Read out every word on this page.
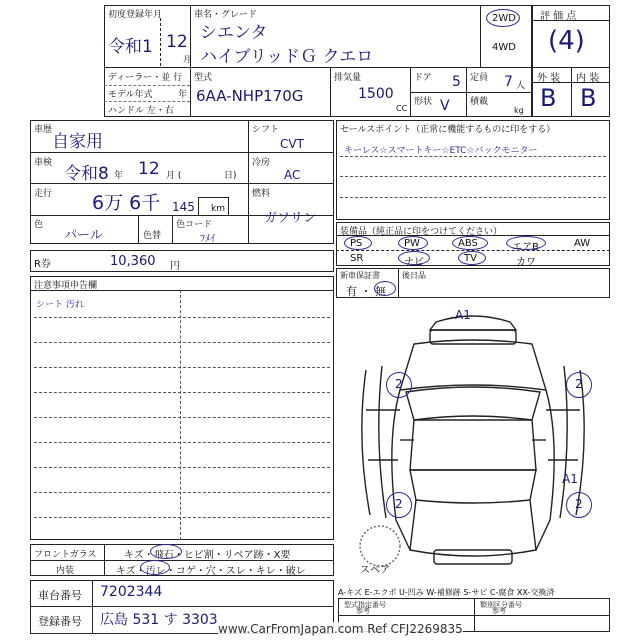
初度登録年月
令和1 12
月
車名・グレード
シエンタ
ハイブリッドＧ クエロ
2WD
4WD
ディーラー・並 行
モデル年式	年
ハンドル 左・右
型式
6AA-NHP170G
排気量
1500
CC
ドア 5
形状 V
定員 7 人
積載
kg
評 価 点
(4)
外 装 内 装
B B
車歴
自家用
車検
令和8 年 12 月 (	日)
走行 6万 6千 145 km
色
パール	色替
色コード
ﾌﾒｲ
シフト
CVT
冷房
AC
燃料
ガソリン
R券	10,360 円
セールスポイント（正常に機能するものに印をする）
キーレス☆スマートキー☆ETC☆バックモニター
装備品（純正品に印をつけてください）
PS	PW	ABS	エアB	AW
SR	ナビ	TV	カワ
新車保証書
有 ・ 無
後日品
注意事項申告欄
シート 汚れ
A1
2	2
2	2
A1
スペア
フロントガラス	キズ・飛石・ヒビ割・リペア跡・X要
内装	キズ・汚レ・コゲ・穴・スレ・キレ・破レ
車台番号 7202344
登録番号 広島 531 す 3303
A-キズ E-エクボ U-凹み W-補修跡 S-サビ C-腐食 XX-交換済
型式指定番号
参考
類別区分番号
参考
www.CarFromJapan.com Ref CFJ2269835
